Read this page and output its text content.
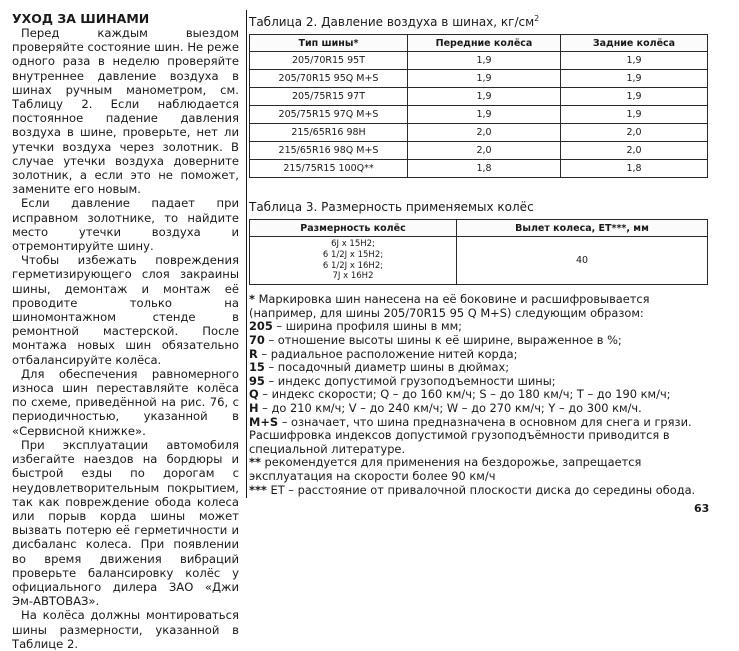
УХОД ЗА ШИНАМИ

Перед каждым выездом проверяйте состояние шин. Не реже одного раза в неделю проверяйте внутреннее давление воздуха в шинах ручным манометром, см. Таблицу 2. Если наблюдается постоянное падение давления воздуха в шине, проверьте, нет ли утечки воздуха через золотник. В случае утечки воздуха доверните золотник, а если это не поможет, замените его новым.

Если давление падает при исправном золотнике, то найдите место утечки воздуха и отремонтируйте шину.

Чтобы избежать повреждения герметизирующего слоя закраины шины, демонтаж и монтаж её проводите только на шиномонтажном стенде в ремонтной мастерской. После монтажа новых шин обязательно отбалансируйте колёса.

Для обеспечения равномерного износа шин переставляйте колёса по схеме, приведённой на рис. 76, с периодичностью, указанной в «Сервисной книжке».

При эксплуатации автомобиля избегайте наездов на бордюры и быстрой езды по дорогам с неудовлетворительным покрытием, так как повреждение обода колеса или порыв корда шины может вызвать потерю её герметичности и дисбаланс колеса. При появлении во время движения вибраций проверьте балансировку колёс у официального дилера ЗАО «Джи Эм-АВТОВАЗ».

На колёса должны монтироваться шины размерности, указанной в Таблице 2.

Таблица 2. Давление воздуха в шинах, $кг/см^2$
Тип шины*	Передние колёса	Задние колёса
205/70R15 95T	1,9	1,9
205/70R15 95Q M+S	1,9	1,9
205/75R15 97T	1,9	1,9
205/75R15 97Q M+S	1,9	1,9
215/65R16 98H	2,0	2,0
215/65R16 98Q M+S	2,0	2,0
215/75R15 100Q**	1,8	1,8
Таблица 3. Размерность применяемых колёс
Размерность колёс	Вылет колеса, ET***, мм

6J x 15H2;
6 1/2J x 15H2;
6 1/2J x 16H2;
7J x 16H2	40

* Маркировка шин нанесена на её боковине и расшифровывается (например, для шины 205/70R15 95 Q M+S) следующим образом:

205 – ширина профиля шины в мм;

70 – отношение высоты шины к её ширине, выраженное в %;

R – радиальное расположение нитей корда;

15 – посадочный диаметр шины в дюймах;

95 – индекс допустимой грузоподъемности шины;

Q – индекс скорости; Q – до 160 км/ч; S – до 180 км/ч; T – до 190 км/ч;

H – до 210 км/ч; V – до 240 км/ч; W – до 270 км/ч; Y – до 300 км/ч.

M+S – означает, что шина предназначена в основном для снега и грязи.

Расшифровка индексов допустимой грузоподъёмности приводится в специальной литературе.

** рекомендуется для применения на бездорожье, запрещается эксплуатация на скорости более 90 км/ч

*** ET – расстояние от привалочной плоскости диска до середины обода.

63
